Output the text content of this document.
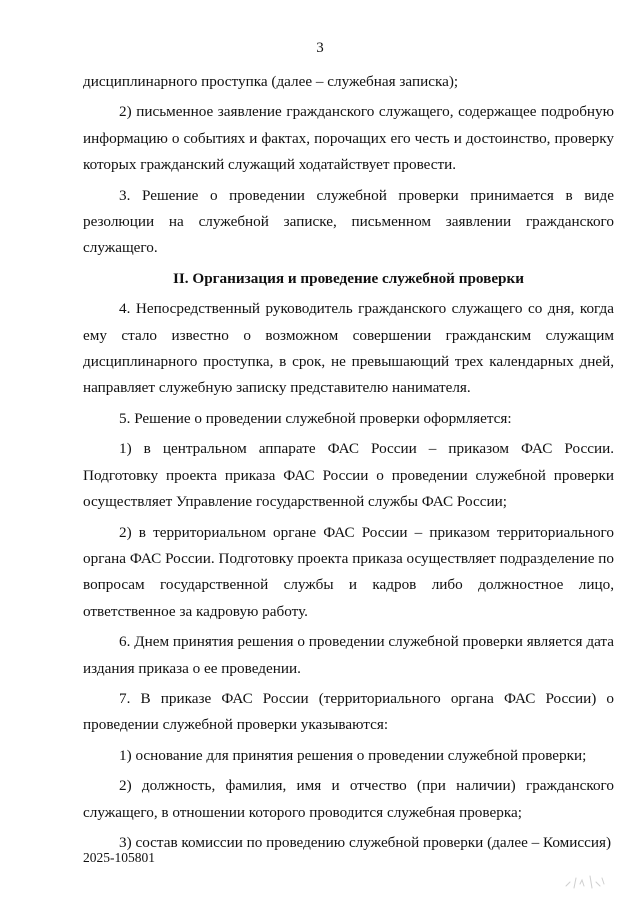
3

дисциплинарного проступка (далее – служебная записка);

2) письменное заявление гражданского служащего, содержащее подробную информацию о событиях и фактах, порочащих его честь и достоинство, проверку которых гражданский служащий ходатайствует провести.

3. Решение о проведении служебной проверки принимается в виде резолюции на служебной записке, письменном заявлении гражданского служащего.

II. Организация и проведение служебной проверки

4. Непосредственный руководитель гражданского служащего со дня, когда ему стало известно о возможном совершении гражданским служащим дисциплинарного проступка, в срок, не превышающий трех календарных дней, направляет служебную записку представителю нанимателя.

5. Решение о проведении служебной проверки оформляется:

1) в центральном аппарате ФАС России – приказом ФАС России. Подготовку проекта приказа ФАС России о проведении служебной проверки осуществляет Управление государственной службы ФАС России;

2) в территориальном органе ФАС России – приказом территориального органа ФАС России. Подготовку проекта приказа осуществляет подразделение по вопросам государственной службы и кадров либо должностное лицо, ответственное за кадровую работу.

6. Днем принятия решения о проведении служебной проверки является дата издания приказа о ее проведении.

7. В приказе ФАС России (территориального органа ФАС России) о проведении служебной проверки указываются:

1) основание для принятия решения о проведении служебной проверки;

2) должность, фамилия, имя и отчество (при наличии) гражданского служащего, в отношении которого проводится служебная проверка;

3) состав комиссии по проведению служебной проверки (далее – Комиссия)

2025-105801
